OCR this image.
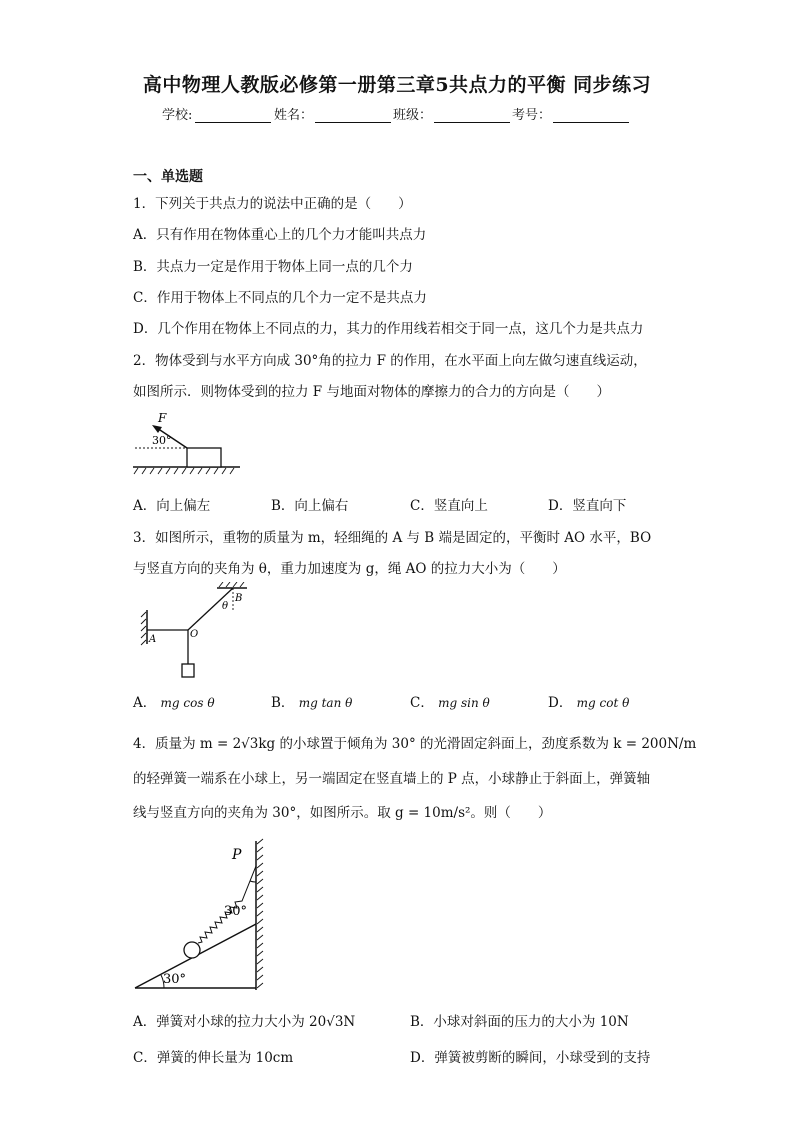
高中物理人教版必修第一册第三章5共点力的平衡 同步练习
学校:	姓名：	班级：	考号：
一、单选题
1．下列关于共点力的说法中正确的是（　　）
A．只有作用在物体重心上的几个力才能叫共点力
B．共点力一定是作用于物体上同一点的几个力
C．作用于物体上不同点的几个力一定不是共点力
D．几个作用在物体上不同点的力，其力的作用线若相交于同一点，这几个力是共点力
2．物体受到与水平方向成 30°角的拉力 F 的作用，在水平面上向左做匀速直线运动，
如图所示．则物体受到的拉力 F 与地面对物体的摩擦力的合力的方向是（　　）
F
30°
A．向上偏左	B．向上偏右	C．竖直向上	D．竖直向下
3．如图所示，重物的质量为 m，轻细绳的 A 与 B 端是固定的，平衡时 AO 水平，BO
与竖直方向的夹角为 θ，重力加速度为 g，绳 AO 的拉力大小为（　　）
A
B
O
θ
A． mg cos θ	B． mg tan θ	C． mg sin θ	D． mg cot θ
4．质量为 m = 2√3kg 的小球置于倾角为 30° 的光滑固定斜面上，劲度系数为 k = 200N/m
的轻弹簧一端系在小球上，另一端固定在竖直墙上的 P 点，小球静止于斜面上，弹簧轴
线与竖直方向的夹角为 30°，如图所示。取 g = 10m/s²。则（　　）
P
30°
30°
A．弹簧对小球的拉力大小为 20√3N	B．小球对斜面的压力的大小为 10N
C．弹簧的伸长量为 10cm	D．弹簧被剪断的瞬间，小球受到的支持
